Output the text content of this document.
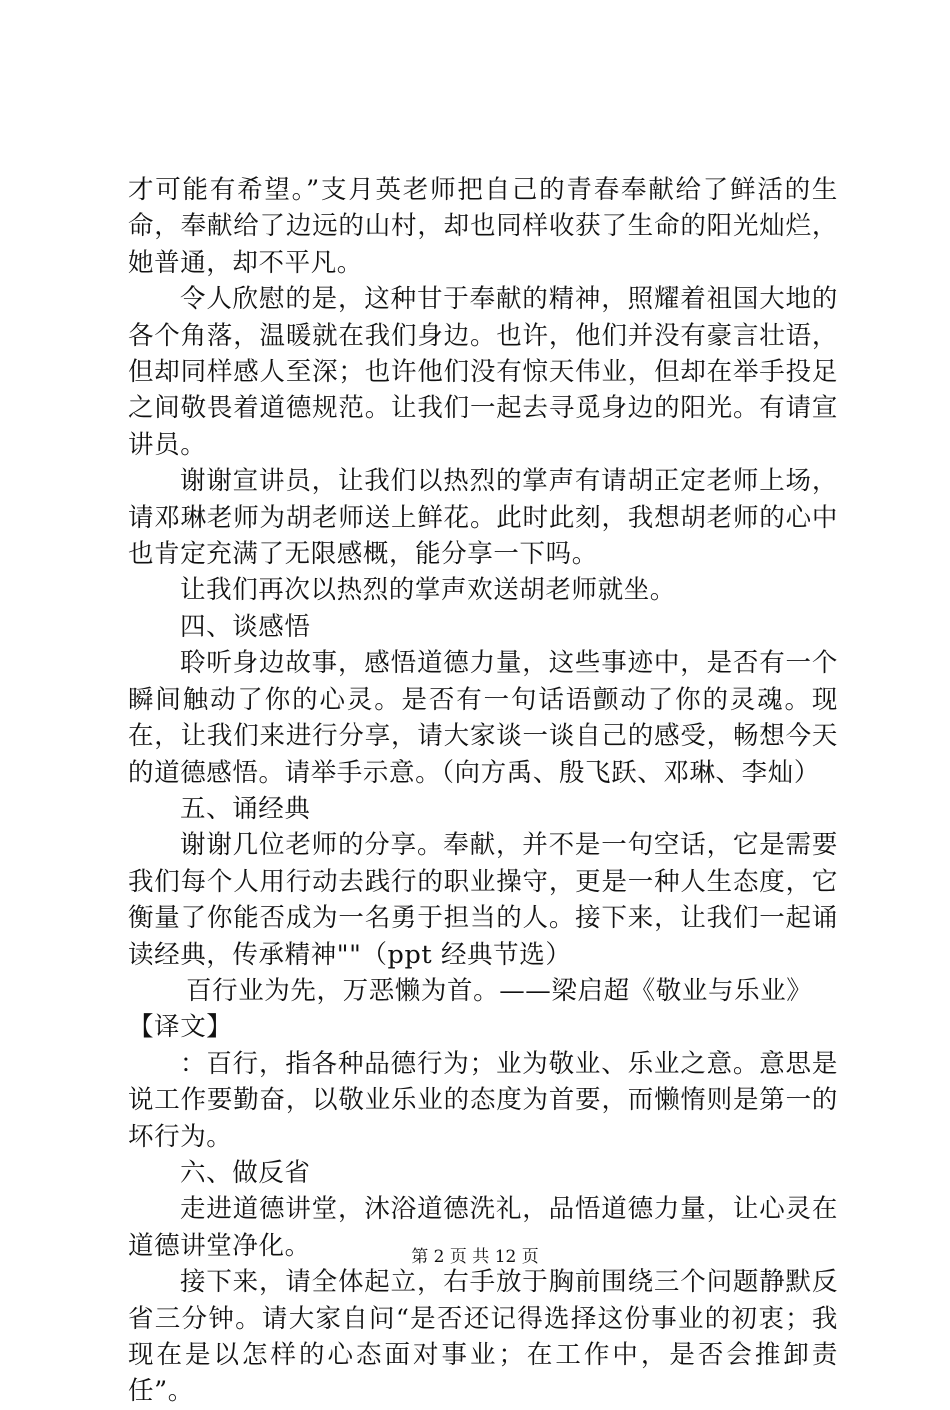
才可能有希望。”支月英老师把自己的青春奉献给了鲜活的生命，奉献给了边远的山村，却也同样收获了生命的阳光灿烂，她普通，却不平凡。

令人欣慰的是，这种甘于奉献的精神，照耀着祖国大地的各个角落，温暖就在我们身边。也许，他们并没有豪言壮语，但却同样感人至深；也许他们没有惊天伟业，但却在举手投足之间敬畏着道德规范。让我们一起去寻觅身边的阳光。有请宣讲员。

谢谢宣讲员，让我们以热烈的掌声有请胡正定老师上场，请邓琳老师为胡老师送上鲜花。此时此刻，我想胡老师的心中也肯定充满了无限感概，能分享一下吗。

让我们再次以热烈的掌声欢送胡老师就坐。

四、谈感悟

聆听身边故事，感悟道德力量，这些事迹中，是否有一个瞬间触动了你的心灵。是否有一句话语颤动了你的灵魂。现在，让我们来进行分享，请大家谈一谈自己的感受，畅想今天的道德感悟。请举手示意。（向方禹、殷飞跃、邓琳、李灿）

五、诵经典

谢谢几位老师的分享。奉献，并不是一句空话，它是需要我们每个人用行动去践行的职业操守，更是一种人生态度，它衡量了你能否成为一名勇于担当的人。接下来，让我们一起诵读经典，传承精神""（ppt 经典节选）

百行业为先，万恶懒为首。——梁启超《敬业与乐业》

【译文】

：百行，指各种品德行为；业为敬业、乐业之意。意思是说工作要勤奋，以敬业乐业的态度为首要，而懒惰则是第一的坏行为。

六、做反省

走进道德讲堂，沐浴道德洗礼，品悟道德力量，让心灵在道德讲堂净化。

接下来，请全体起立，右手放于胸前围绕三个问题静默反省三分钟。请大家自问“是否还记得选择这份事业的初衷；我现在是以怎样的心态面对事业；在工作中，是否会推卸责任”。

第 2 页 共 12 页
